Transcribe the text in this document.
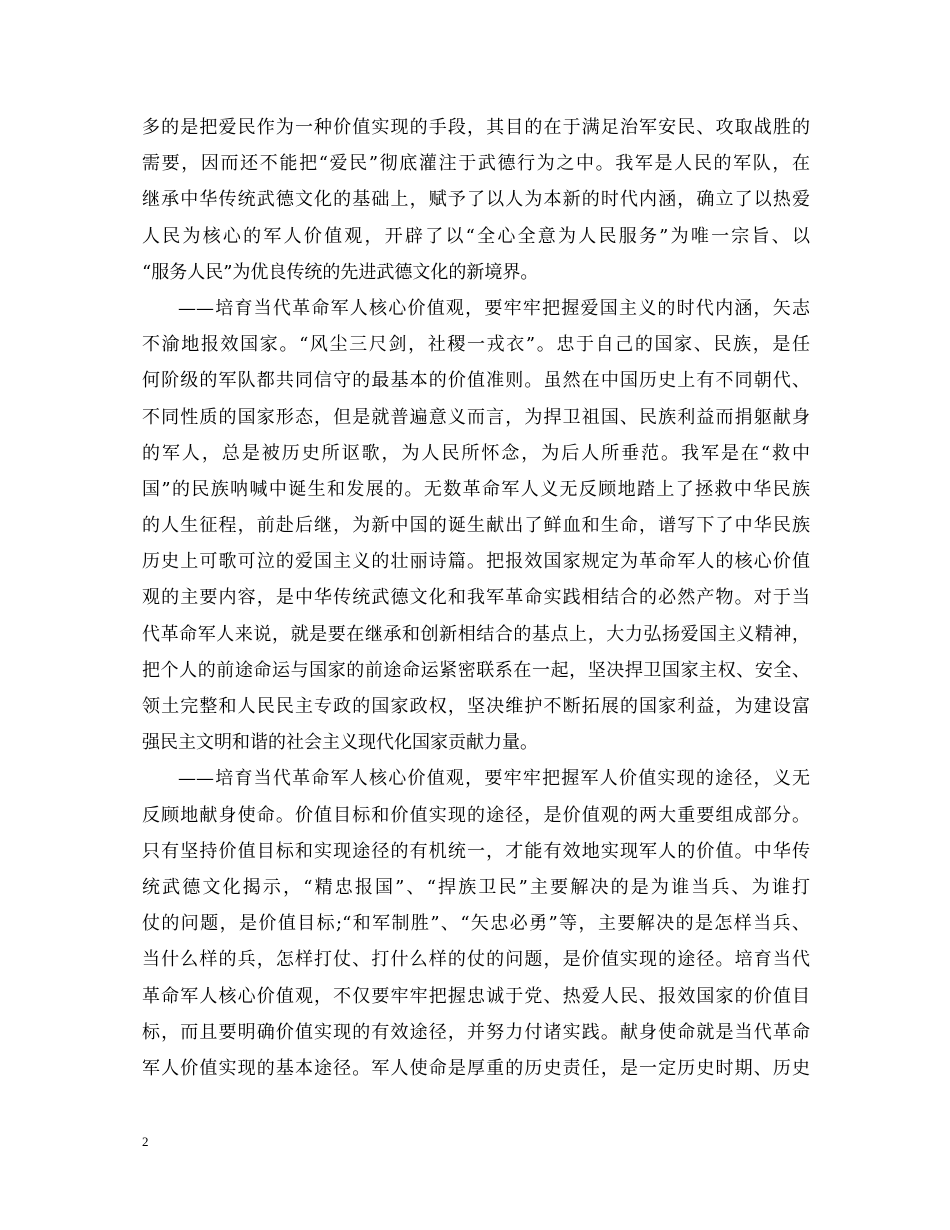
多的是把爱民作为一种价值实现的手段，其目的在于满足治军安民、攻取战胜的
需要，因而还不能把“爱民”彻底灌注于武德行为之中。我军是人民的军队，在
继承中华传统武德文化的基础上，赋予了以人为本新的时代内涵，确立了以热爱
人民为核心的军人价值观，开辟了以“全心全意为人民服务”为唯一宗旨、以
“服务人民”为优良传统的先进武德文化的新境界。
——培育当代革命军人核心价值观，要牢牢把握爱国主义的时代内涵，矢志
不渝地报效国家。“风尘三尺剑，社稷一戎衣”。忠于自己的国家、民族，是任
何阶级的军队都共同信守的最基本的价值准则。虽然在中国历史上有不同朝代、
不同性质的国家形态，但是就普遍意义而言，为捍卫祖国、民族利益而捐躯献身
的军人，总是被历史所讴歌，为人民所怀念，为后人所垂范。我军是在“救中
国”的民族呐喊中诞生和发展的。无数革命军人义无反顾地踏上了拯救中华民族
的人生征程，前赴后继，为新中国的诞生献出了鲜血和生命，谱写下了中华民族
历史上可歌可泣的爱国主义的壮丽诗篇。把报效国家规定为革命军人的核心价值
观的主要内容，是中华传统武德文化和我军革命实践相结合的必然产物。对于当
代革命军人来说，就是要在继承和创新相结合的基点上，大力弘扬爱国主义精神，
把个人的前途命运与国家的前途命运紧密联系在一起，坚决捍卫国家主权、安全、
领土完整和人民民主专政的国家政权，坚决维护不断拓展的国家利益，为建设富
强民主文明和谐的社会主义现代化国家贡献力量。
——培育当代革命军人核心价值观，要牢牢把握军人价值实现的途径，义无
反顾地献身使命。价值目标和价值实现的途径，是价值观的两大重要组成部分。
只有坚持价值目标和实现途径的有机统一，才能有效地实现军人的价值。中华传
统武德文化揭示，“精忠报国”、“捍族卫民”主要解决的是为谁当兵、为谁打
仗的问题，是价值目标;“和军制胜”、“矢忠必勇”等，主要解决的是怎样当兵、
当什么样的兵，怎样打仗、打什么样的仗的问题，是价值实现的途径。培育当代
革命军人核心价值观，不仅要牢牢把握忠诚于党、热爱人民、报效国家的价值目
标，而且要明确价值实现的有效途径，并努力付诸实践。献身使命就是当代革命
军人价值实现的基本途径。军人使命是厚重的历史责任，是一定历史时期、历史
2
